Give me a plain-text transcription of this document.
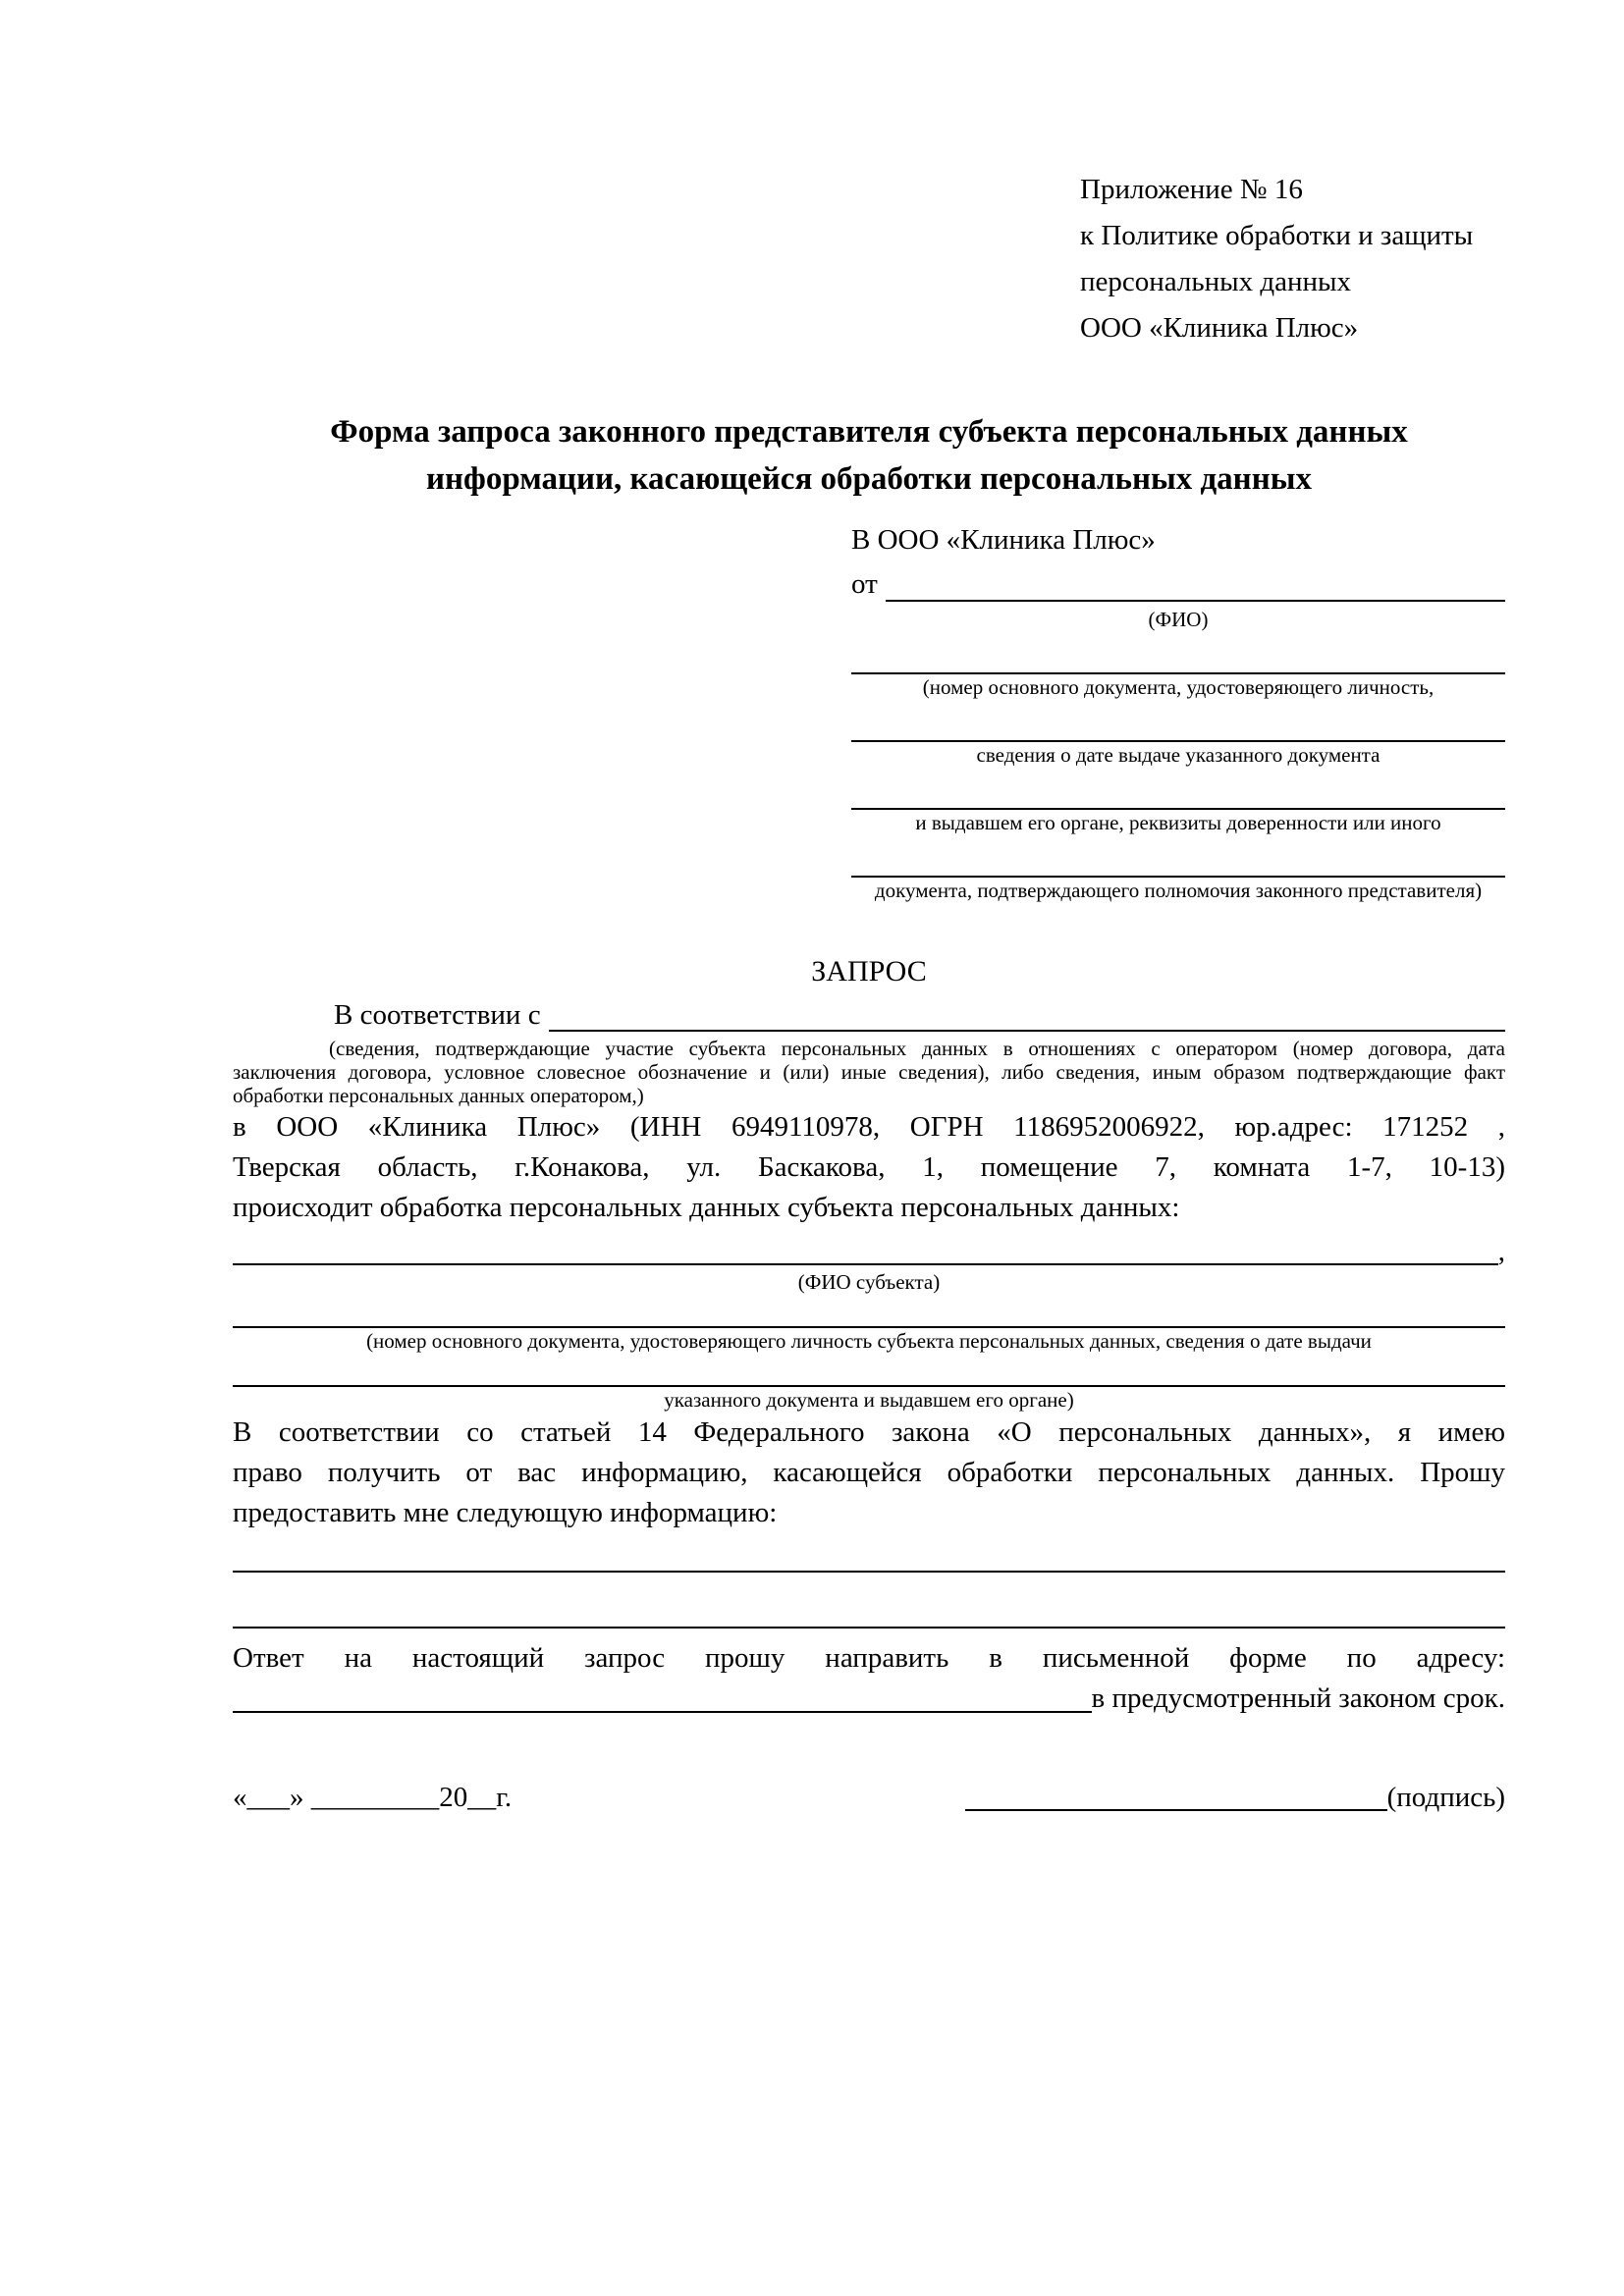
Приложение № 16
к Политике обработки и защиты
персональных данных
ООО «Клиника Плюс»
Форма запроса законного представителя субъекта персональных данных
информации, касающейся обработки персональных данных
В ООО «Клиника Плюс»
от
(ФИО)
(номер основного документа, удостоверяющего личность,
сведения о дате выдаче указанного документа
и выдавшем его органе, реквизиты доверенности или иного
документа, подтверждающего полномочия законного представителя)
ЗАПРОС
В соответствии с
(сведения, подтверждающие участие субъекта персональных данных в отношениях с оператором (номер договора, дата
заключения договора, условное словесное обозначение и (или) иные сведения), либо сведения, иным образом подтверждающие факт
обработки персональных данных оператором,)
в ООО «Клиника Плюс» (ИНН 6949110978, ОГРН 1186952006922, юр.адрес: 171252 ,
Тверская область, г.Конакова, ул. Баскакова, 1, помещение 7, комната 1-7, 10-13)
происходит обработка персональных данных субъекта персональных данных:
,
(ФИО субъекта)
(номер основного документа, удостоверяющего личность субъекта персональных данных, сведения о дате выдачи
указанного документа и выдавшем его органе)
В соответствии со статьей 14 Федерального закона «О персональных данных», я имею
право получить от вас информацию, касающейся обработки персональных данных. Прошу
предоставить мне следующую информацию:
Ответ на настоящий запрос прошу направить в письменной форме по адресу:
в предусмотренный законом срок.
«___» _________20__г.	(подпись)
